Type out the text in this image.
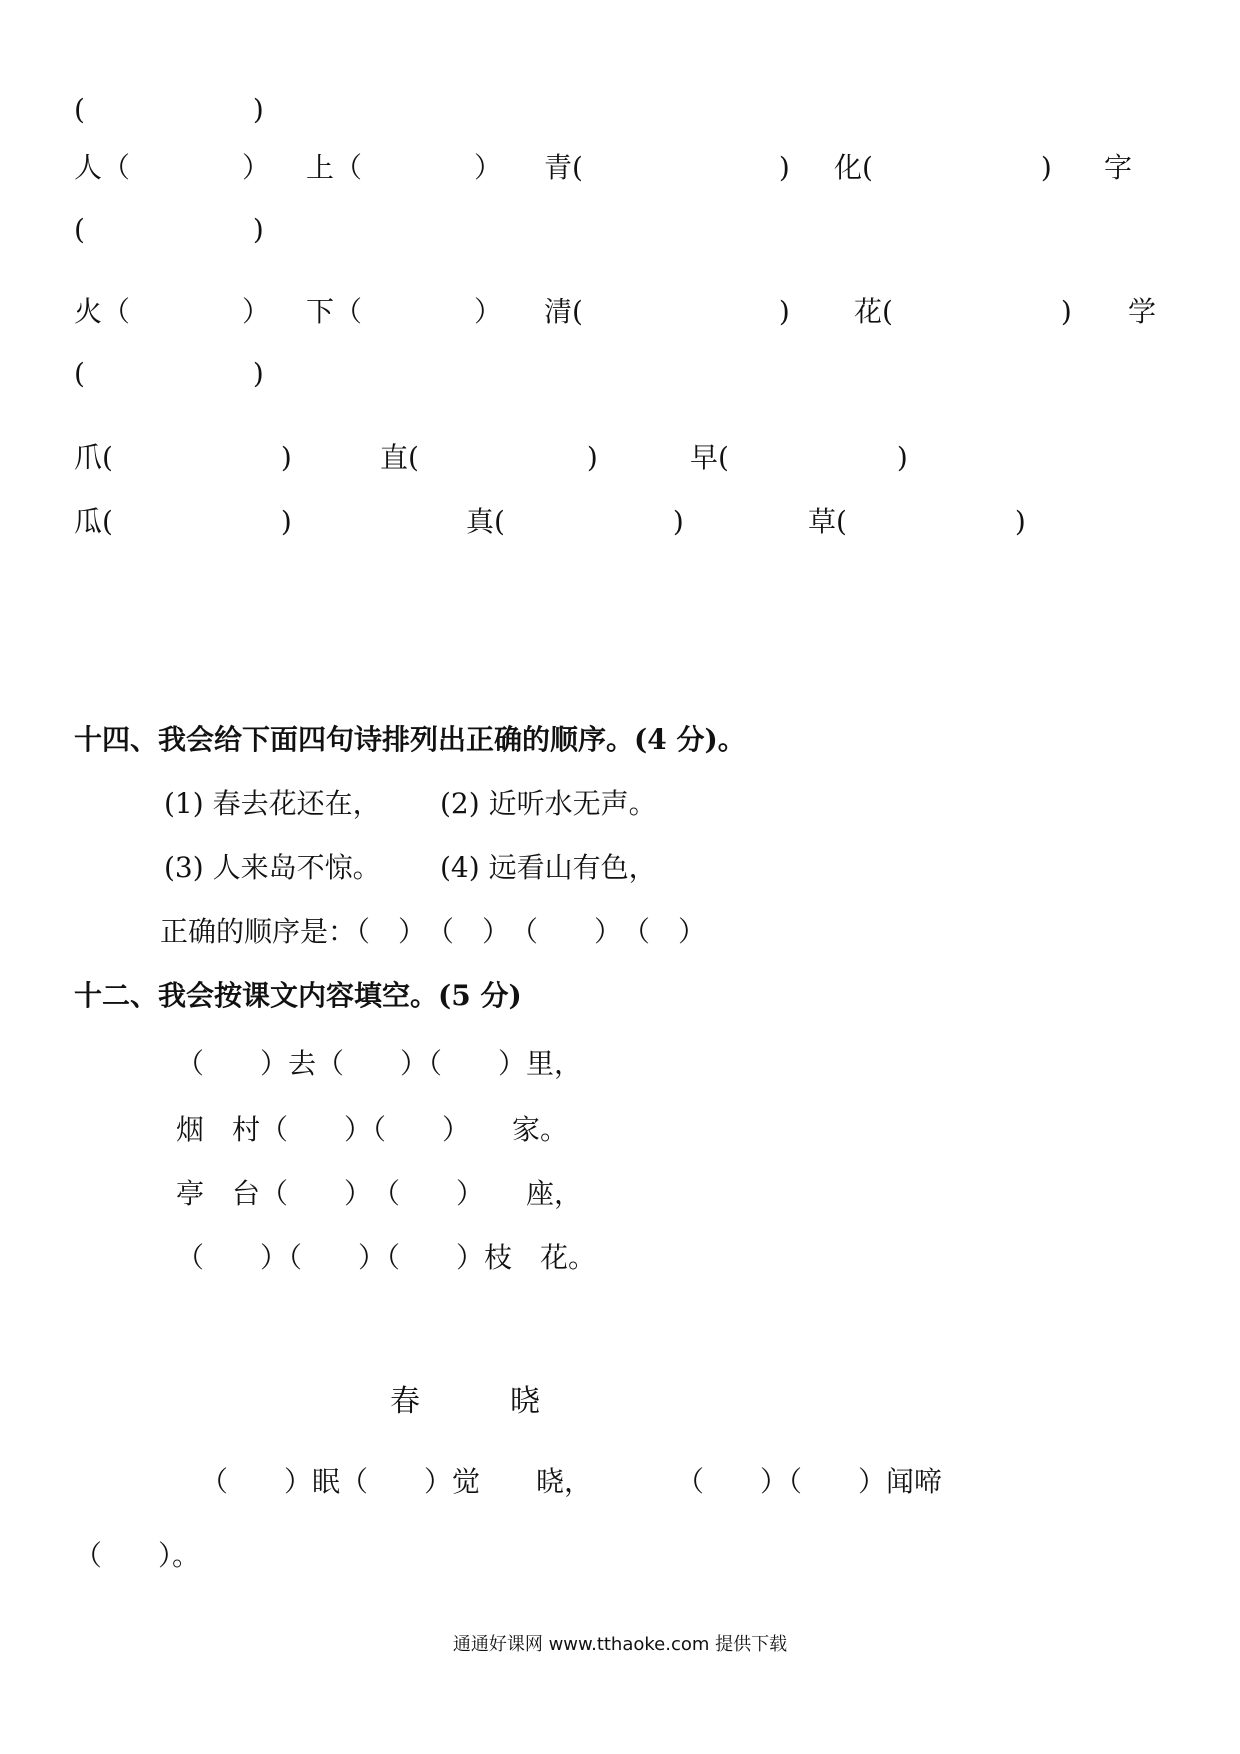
(　　　　　　)
人（　　　　） 上（　　　　） 青(　　　　　　　) 化(　　　　　　) 字
(　　　　　　)
火（　　　　） 下（　　　　） 清(　　　　　　　) 花(　　　　　　) 学
(　　　　　　)
爪(　　　　　　)	直(　　　　　　)	早(　　　　　　)
瓜(　　　　　　)	真(　　　　　　)	草(　　　　　　)
十四、我会给下面四句诗排列出正确的顺序。(4 分)。
(1) 春去花还在， (2) 近听水无声。
(3) 人来岛不惊。 (4) 远看山有色，
正确的顺序是：（　）　（　）　（　　）　（　）
十二、我会按课文内容填空。(5 分)
（　　）去（　　）（　　）里，
烟　村（　　）（　　）　　家。
亭　台（　　）　（　　）　　座，
（　　）（　　）（　　）枝　花。
春　　　晓
（　　）眠（　　）觉　　晓，　　　　（　　）（　　）闻啼
（　　）。
通通好课网 www.tthaoke.com 提供下载
